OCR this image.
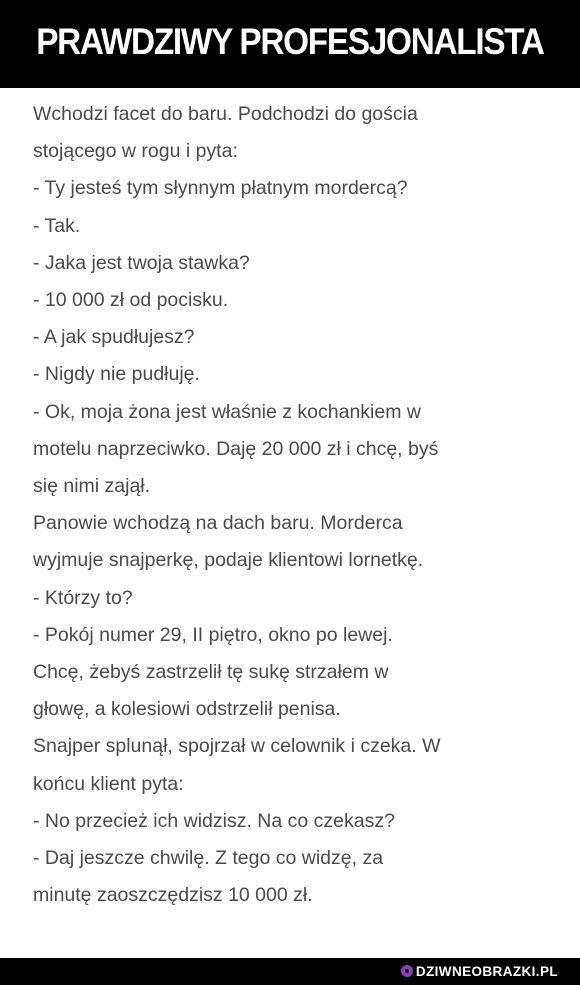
PRAWDZIWY PROFESJONALISTA
Wchodzi facet do baru. Podchodzi do gościa
stojącego w rogu i pyta:
- Ty jesteś tym słynnym płatnym mordercą?
- Tak.
- Jaka jest twoja stawka?
- 10 000 zł od pocisku.
- A jak spudłujesz?
- Nigdy nie pudłuję.
- Ok, moja żona jest właśnie z kochankiem w
motelu naprzeciwko. Daję 20 000 zł i chcę, byś
się nimi zajął.
Panowie wchodzą na dach baru. Morderca
wyjmuje snajperkę, podaje klientowi lornetkę.
- Którzy to?
- Pokój numer 29, II piętro, okno po lewej.
Chcę, żebyś zastrzelił tę sukę strzałem w
głowę, a kolesiowi odstrzelił penisa.
Snajper splunął, spojrzał w celownik i czeka. W
końcu klient pyta:
- No przecież ich widzisz. Na co czekasz?
- Daj jeszcze chwilę. Z tego co widzę, za
minutę zaoszczędzisz 10 000 zł.
DZIWNEOBRAZKI.PL
